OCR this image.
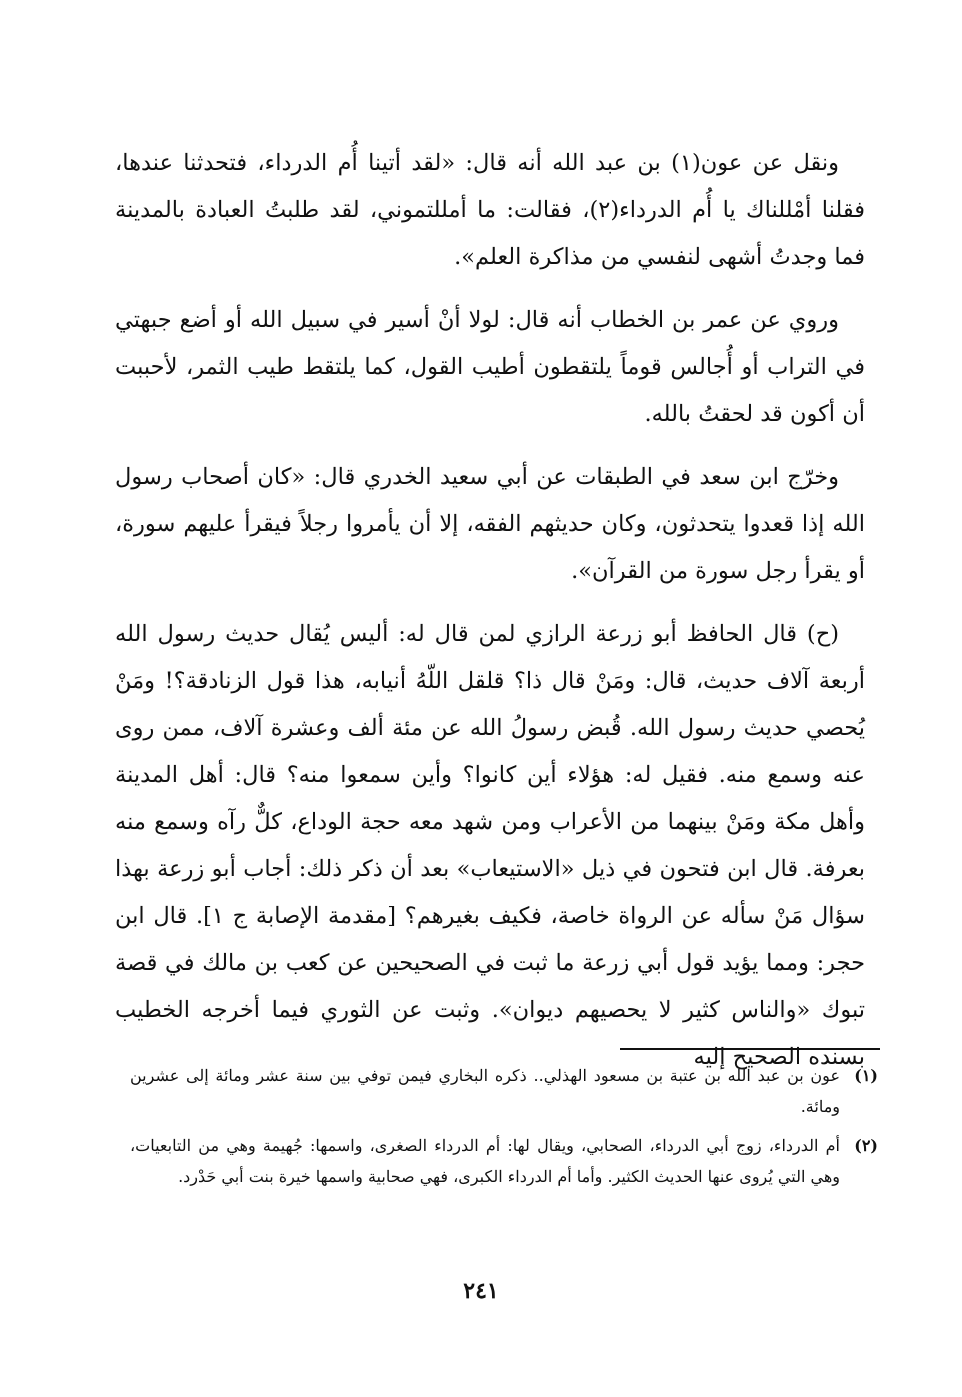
ونقل عن عون(١) بن عبد الله أنه قال: «لقد أتينا أُم الدرداء، فتحدثنا عندها، فقلنا أمْللناك يا أُم الدرداء(٢)، فقالت: ما أمللتموني، لقد طلبتُ العبادة بالمدينة فما وجدتُ أشهى لنفسي من مذاكرة العلم».

وروي عن عمر بن الخطاب أنه قال: لولا أنْ أسير في سبيل الله أو أضع جبهتي في التراب أو أُجالس قوماً يلتقطون أطيب القول، كما يلتقط طيب الثمر، لأحببت أن أكون قد لحقتُ بالله.

وخرّج ابن سعد في الطبقات عن أبي سعيد الخدري قال: «كان أصحاب رسول الله إذا قعدوا يتحدثون، وكان حديثهم الفقه، إلا أن يأمروا رجلاً فيقرأ عليهم سورة، أو يقرأ رجل سورة من القرآن».

(ح) قال الحافظ أبو زرعة الرازي لمن قال له: أليس يُقال حديث رسول الله أربعة آلاف حديث، قال: ومَنْ قال ذا؟ قلقل اللّهُ أنيابه، هذا قول الزنادقة؟! ومَنْ يُحصي حديث رسول الله. قُبض رسولُ الله عن مئة ألف وعشرة آلاف، ممن روى عنه وسمع منه. فقيل له: هؤلاء أين كانوا؟ وأين سمعوا منه؟ قال: أهل المدينة وأهل مكة ومَنْ بينهما من الأعراب ومن شهد معه حجة الوداع، كلٌّ رآه وسمع منه بعرفة. قال ابن فتحون في ذيل «الاستيعاب» بعد أن ذكر ذلك: أجاب أبو زرعة بهذا سؤال مَنْ سأله عن الرواة خاصة، فكيف بغيرهم؟ [مقدمة الإصابة ج ١]. قال ابن حجر: ومما يؤيد قول أبي زرعة ما ثبت في الصحيحين عن كعب بن مالك في قصة تبوك «والناس كثير لا يحصيهم ديوان». وثبت عن الثوري فيما أخرجه الخطيب بسنده الصحيح إليه

(١)
عون بن عبد الله بن عتبة بن مسعود الهذلي.. ذكره البخاري فيمن توفي بين سنة عشر ومائة إلى عشرين ومائة.
(٢)
أم الدرداء، زوج أبي الدرداء، الصحابي، ويقال لها: أم الدرداء الصغرى، واسمها: جُهيمة وهي من التابعيات، وهي التي يُروى عنها الحديث الكثير. وأما أم الدرداء الكبرى، فهي صحابية واسمها خيرة بنت أبي حَدْرد.
٢٤١
